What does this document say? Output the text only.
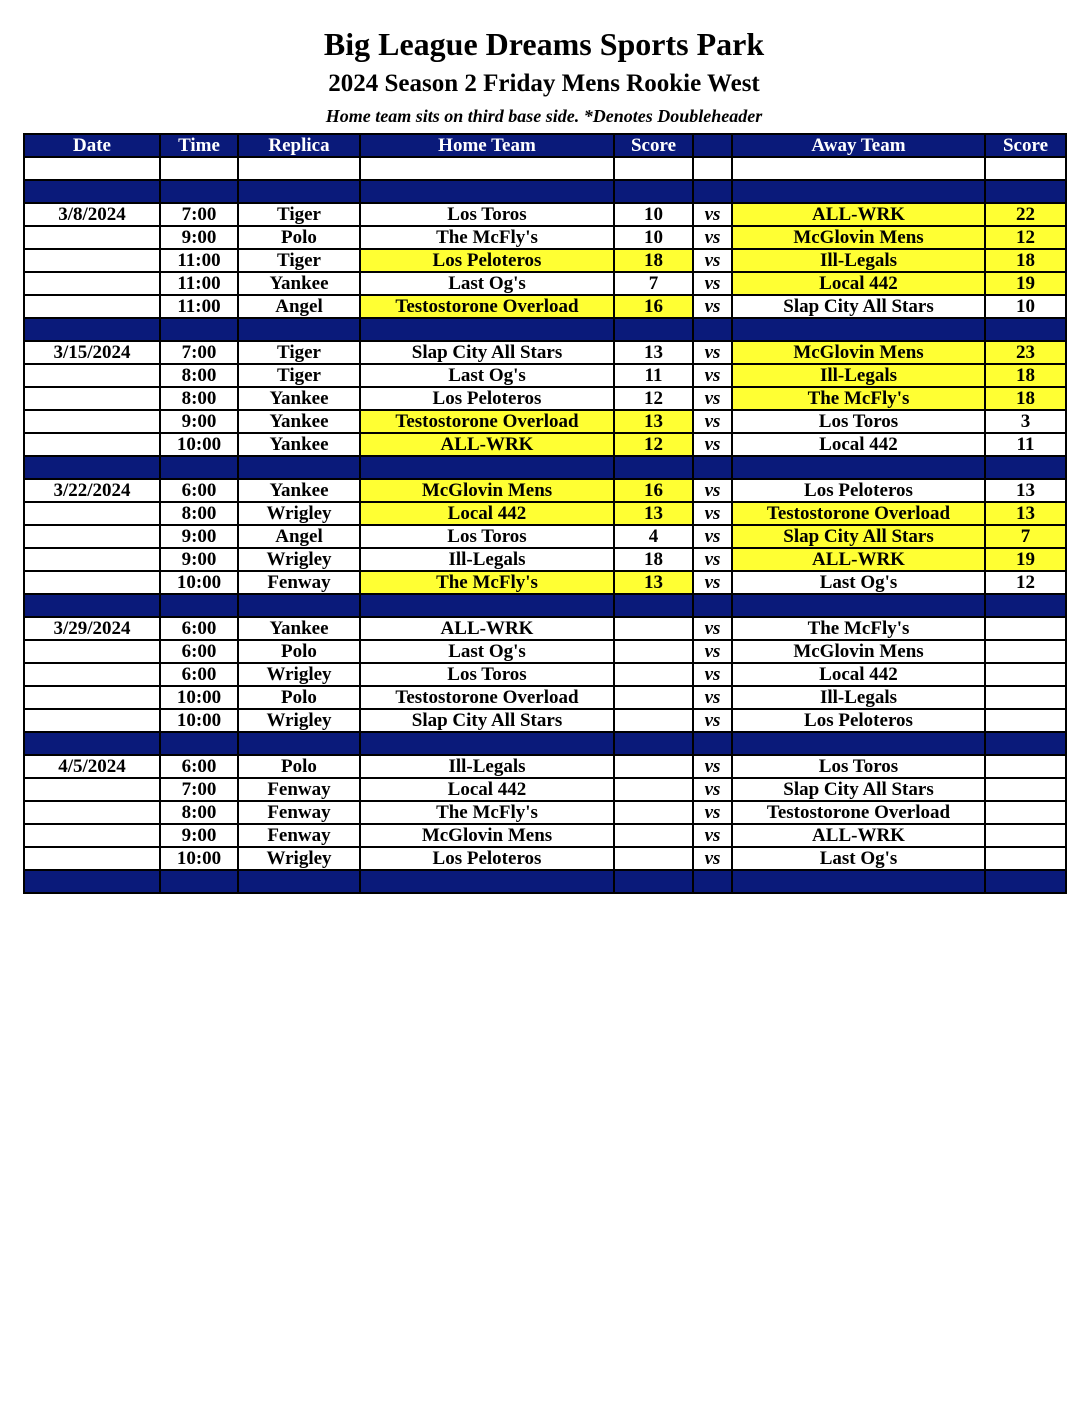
Big League Dreams Sports Park
2024 Season 2 Friday Mens Rookie West
Home team sits on third base side. *Denotes Doubleheader
Date	Time	Replica	Home Team	Score		Away Team	Score

3/8/2024	7:00	Tiger	Los Toros	10	vs	ALL-WRK	22
	9:00	Polo	The McFly's	10	vs	McGlovin Mens	12
	11:00	Tiger	Los Peloteros	18	vs	Ill-Legals	18
	11:00	Yankee	Last Og's	7	vs	Local 442	19
	11:00	Angel	Testostorone Overload	16	vs	Slap City All Stars	10

3/15/2024	7:00	Tiger	Slap City All Stars	13	vs	McGlovin Mens	23
	8:00	Tiger	Last Og's	11	vs	Ill-Legals	18
	8:00	Yankee	Los Peloteros	12	vs	The McFly's	18
	9:00	Yankee	Testostorone Overload	13	vs	Los Toros	3
	10:00	Yankee	ALL-WRK	12	vs	Local 442	11

3/22/2024	6:00	Yankee	McGlovin Mens	16	vs	Los Peloteros	13
	8:00	Wrigley	Local 442	13	vs	Testostorone Overload	13
	9:00	Angel	Los Toros	4	vs	Slap City All Stars	7
	9:00	Wrigley	Ill-Legals	18	vs	ALL-WRK	19
	10:00	Fenway	The McFly's	13	vs	Last Og's	12

3/29/2024	6:00	Yankee	ALL-WRK		vs	The McFly's	
	6:00	Polo	Last Og's		vs	McGlovin Mens	
	6:00	Wrigley	Los Toros		vs	Local 442	
	10:00	Polo	Testostorone Overload		vs	Ill-Legals	
	10:00	Wrigley	Slap City All Stars		vs	Los Peloteros	

4/5/2024	6:00	Polo	Ill-Legals		vs	Los Toros	
	7:00	Fenway	Local 442		vs	Slap City All Stars	
	8:00	Fenway	The McFly's		vs	Testostorone Overload	
	9:00	Fenway	McGlovin Mens		vs	ALL-WRK	
	10:00	Wrigley	Los Peloteros		vs	Last Og's	
